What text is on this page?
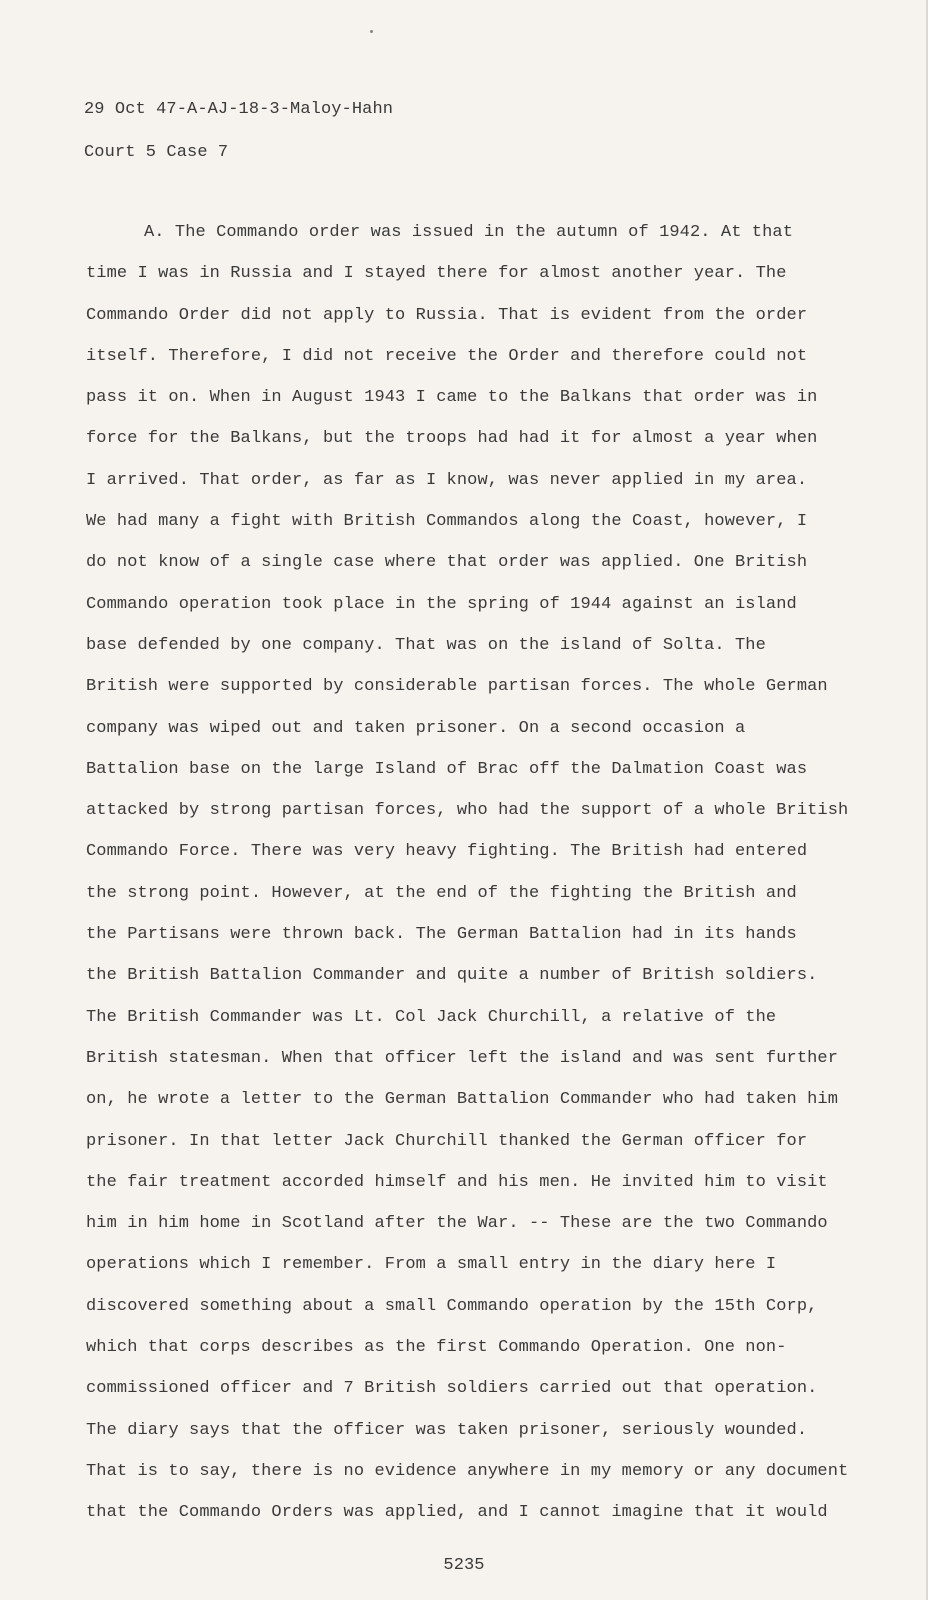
29 Oct 47-A-AJ-18-3-Maloy-Hahn
Court 5 Case 7
A. The Commando order was issued in the autumn of 1942. At that
time I was in Russia and I stayed there for almost another year. The
Commando Order did not apply to Russia. That is evident from the order
itself. Therefore, I did not receive the Order and therefore could not
pass it on. When in August 1943 I came to the Balkans that order was in
force for the Balkans, but the troops had had it for almost a year when
I arrived. That order, as far as I know, was never applied in my area.
We had many a fight with British Commandos along the Coast, however, I
do not know of a single case where that order was applied. One British
Commando operation took place in the spring of 1944 against an island
base defended by one company. That was on the island of Solta. The
British were supported by considerable partisan forces. The whole German
company was wiped out and taken prisoner. On a second occasion a
Battalion base on the large Island of Brac off the Dalmation Coast was
attacked by strong partisan forces, who had the support of a whole British
Commando Force. There was very heavy fighting. The British had entered
the strong point. However, at the end of the fighting the British and
the Partisans were thrown back. The German Battalion had in its hands
the British Battalion Commander and quite a number of British soldiers.
The British Commander was Lt. Col Jack Churchill, a relative of the
British statesman. When that officer left the island and was sent further
on, he wrote a letter to the German Battalion Commander who had taken him
prisoner. In that letter Jack Churchill thanked the German officer for
the fair treatment accorded himself and his men. He invited him to visit
him in him home in Scotland after the War. -- These are the two Commando
operations which I remember. From a small entry in the diary here I
discovered something about a small Commando operation by the 15th Corp,
which that corps describes as the first Commando Operation. One non-
commissioned officer and 7 British soldiers carried out that operation.
The diary says that the officer was taken prisoner, seriously wounded.
That is to say, there is no evidence anywhere in my memory or any document
that the Commando Orders was applied, and I cannot imagine that it would
5235
